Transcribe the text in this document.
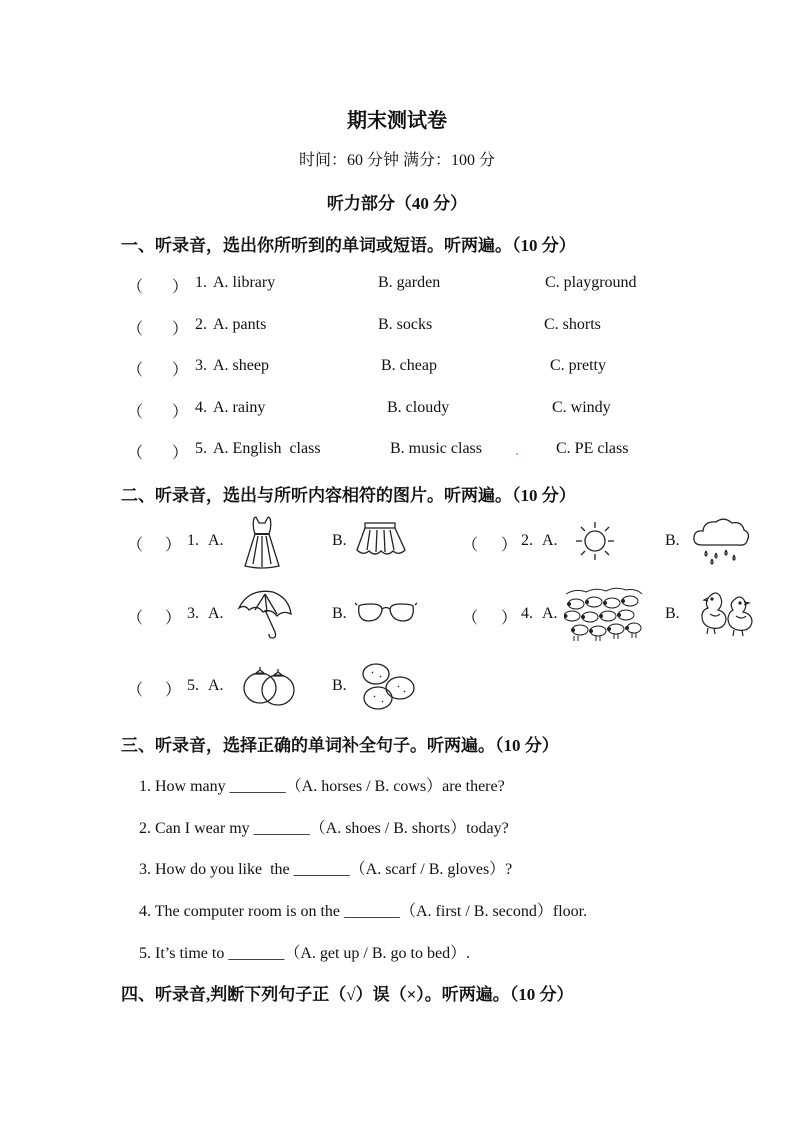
期末测试卷
时间：60 分钟 满分：100 分
听力部分（40 分）
一、听录音，选出你所听到的单词或短语。听两遍。（10 分）
（ ） 1. A. library	B. garden	C. playground
（ ） 2. A. pants	B. socks	C. shorts
（ ） 3. A. sheep	B. cheap	C. pretty
（ ） 4. A. rainy	B. cloudy	C. windy
（ ） 5. A. English  class	B. music class . C. PE class
二、听录音，选出与所听内容相符的图片。听两遍。（10 分）
（ ） 1. A.	B.	（ ） 2. A.	B.
（ ） 3. A.	B.	（ ） 4. A.	B.
（ ） 5. A.	B.
三、听录音，选择正确的单词补全句子。听两遍。（10 分）
1. How many _______（A. horses / B. cows）are there?
2. Can I wear my _______（A. shoes / B. shorts）today?
3. How do you like  the _______（A. scarf / B. gloves）?
4. The computer room is on the _______（A. first / B. second）floor.
5. It’s time to _______（A. get up / B. go to bed）.
四、听录音,判断下列句子正（√）误（×）。听两遍。（10 分）
